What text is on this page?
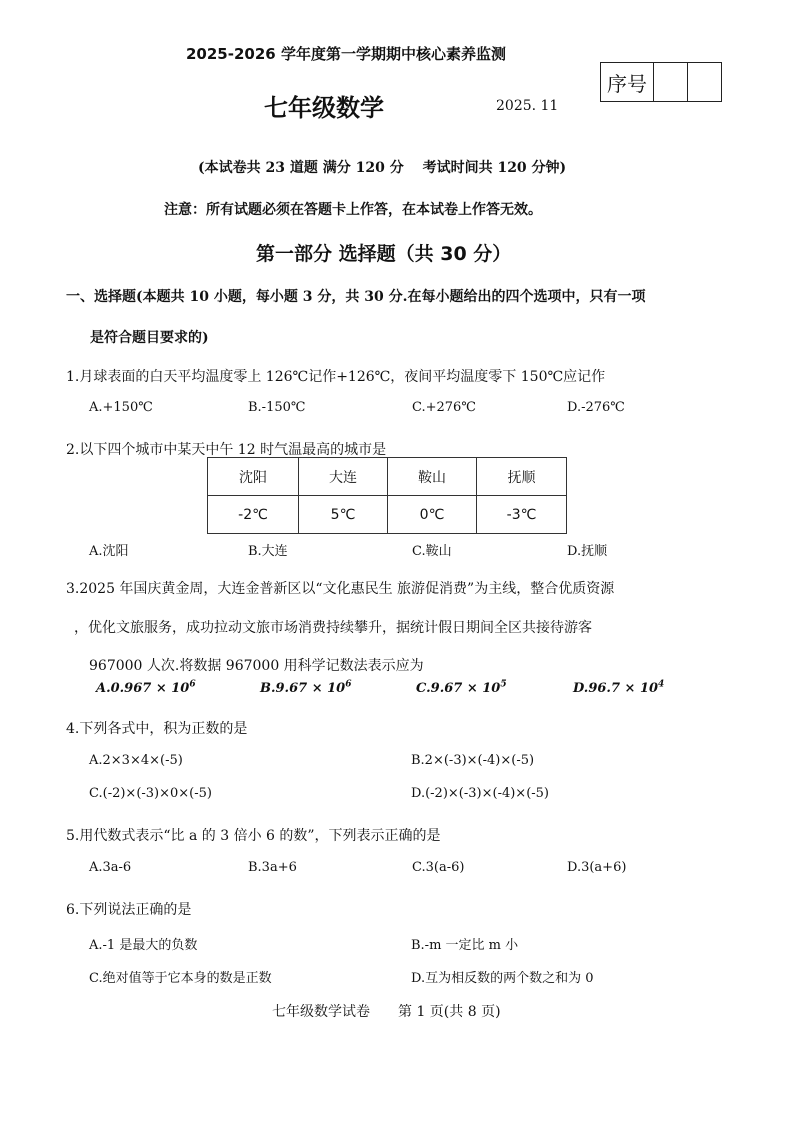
2025-2026 学年度第一学期期中核心素养监测
七年级数学	2025. 11
序号
(本试卷共 23 道题 满分 120 分　 考试时间共 120 分钟)
注意：所有试题必须在答题卡上作答，在本试卷上作答无效。
第一部分 选择题（共 30 分）
一、选择题(本题共 10 小题，每小题 3 分，共 30 分.在每小题给出的四个选项中，只有一项
是符合题目要求的)
1.月球表面的白天平均温度零上 126℃记作+126℃，夜间平均温度零下 150℃应记作
A.+150℃	B.-150℃	C.+276℃	D.-276℃
2.以下四个城市中某天中午 12 时气温最高的城市是
沈阳	大连	鞍山	抚顺
-2℃	5℃	0℃	-3℃
A.沈阳	B.大连	C.鞍山	D.抚顺
3.2025 年国庆黄金周，大连金普新区以“文化惠民生 旅游促消费”为主线，整合优质资源
，优化文旅服务，成功拉动文旅市场消费持续攀升，据统计假日期间全区共接待游客
967000 人次.将数据 967000 用科学记数法表示应为
$A.0.967 \times 10^6$	$B.9.67 \times 10^6$	$C.9.67 \times 10^5$	$D.96.7 \times 10^4$
4.下列各式中，积为正数的是
A.2×3×4×(-5)	B.2×(-3)×(-4)×(-5)
C.(-2)×(-3)×0×(-5)	D.(-2)×(-3)×(-4)×(-5)
5.用代数式表示“比 a 的 3 倍小 6 的数”，下列表示正确的是
A.3a-6	B.3a+6	C.3(a-6)	D.3(a+6)
6.下列说法正确的是
A.-1 是最大的负数	B.-m 一定比 m 小
C.绝对值等于它本身的数是正数	D.互为相反数的两个数之和为 0
七年级数学试卷　　第 1 页(共 8 页)
